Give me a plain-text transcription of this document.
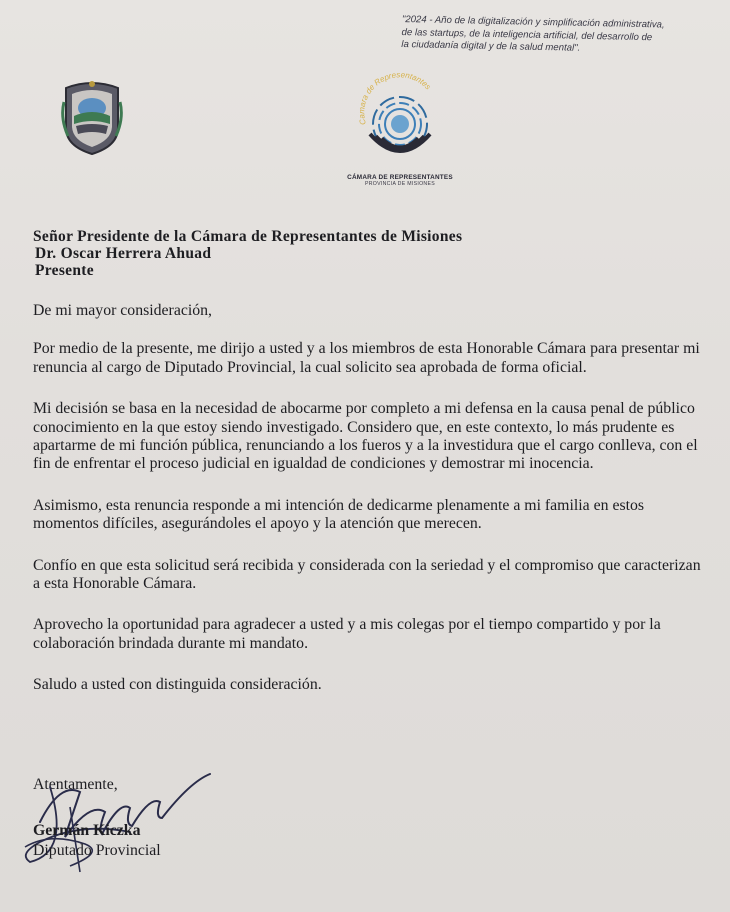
"2024 - Año de la digitalización y simplificación administrativa,
de las startups, de la inteligencia artificial, del desarrollo de
la ciudadanía digital y de la salud mental".
Camara de Representantes
CÁMARA DE REPRESENTANTES
PROVINCIA DE MISIONES
Señor Presidente de la Cámara de Representantes de Misiones
Dr. Oscar Herrera Ahuad
Presente

De mi mayor consideración,

Por medio de la presente, me dirijo a usted y a los miembros de esta Honorable Cámara para presentar mi renuncia al cargo de Diputado Provincial, la cual solicito sea aprobada de forma oficial.

Mi decisión se basa en la necesidad de abocarme por completo a mi defensa en la causa penal de público conocimiento en la que estoy siendo investigado. Considero que, en este contexto, lo más prudente es apartarme de mi función pública, renunciando a los fueros y a la investidura que el cargo conlleva, con el fin de enfrentar el proceso judicial en igualdad de condiciones y demostrar mi inocencia.

Asimismo, esta renuncia responde a mi intención de dedicarme plenamente a mi familia en estos momentos difíciles, asegurándoles el apoyo y la atención que merecen.

Confío en que esta solicitud será recibida y considerada con la seriedad y el compromiso que caracterizan a esta Honorable Cámara.

Aprovecho la oportunidad para agradecer a usted y a mis colegas por el tiempo compartido y por la colaboración brindada durante mi mandato.

Saludo a usted con distinguida consideración.

Atentamente,
Germán Kiczka
Diputado Provincial
